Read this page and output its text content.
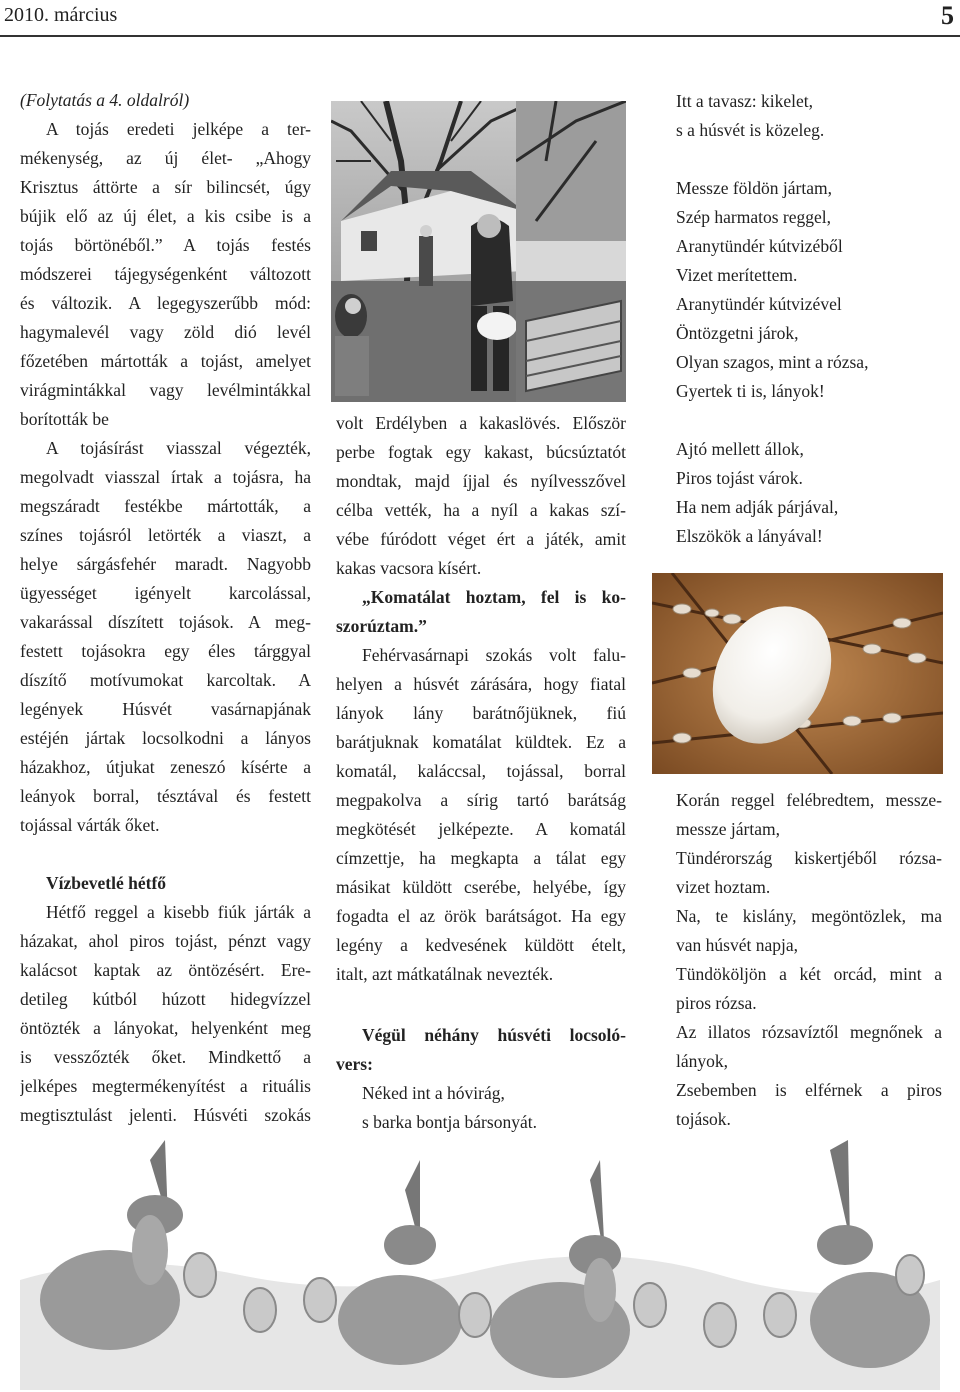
2010. március	5

(Folytatás a 4. oldalról)

A tojás eredeti jelképe a ter-

mékenység, az új élet- „Ahogy

Krisztus áttörte a sír bilincsét, úgy

bújik elő az új élet, a kis csibe is a

tojás börtönéből.” A tojás festés

módszerei tájegységenként változott

és változik. A legegyszerűbb mód:

hagymalevél vagy zöld dió levél

főzetében mártották a tojást, amelyet

virágmintákkal vagy levélmintákkal

borították be

A tojásírást viasszal végezték,

megolvadt viasszal írtak a tojásra, ha

megszáradt festékbe mártották, a

színes tojásról letörték a viaszt, a

helye sárgásfehér maradt. Nagyobb

ügyességet igényelt karcolással,

vakarással díszített tojások. A meg-

festett tojásokra egy éles tárggyal

díszítő motívumokat karcoltak. A

legények Húsvét vasárnapjának

estéjén jártak locsolkodni a lányos

házakhoz, útjukat zeneszó kísérte a

leányok borral, tésztával és festett

tojással várták őket.

Vízbevetlé hétfő

Hétfő reggel a kisebb fiúk járták a

házakat, ahol piros tojást, pénzt vagy

kalácsot kaptak az öntözésért. Ere-

detileg kútból húzott hidegvízzel

öntözték a lányokat, helyenként meg

is vesszőzték őket. Mindkettő a

jelképes megtermékenyítést a rituális

megtisztulást jelenti. Húsvéti szokás

volt Erdélyben a kakaslövés. Először

perbe fogtak egy kakast, búcsúztatót

mondtak, majd íjjal és nyílvesszővel

célba vették, ha a nyíl a kakas szí-

vébe fúródott véget ért a játék, amit

kakas vacsora kísért.

„Komatálat hoztam, fel is ko-

szorúztam.”

Fehérvasárnapi szokás volt falu-

helyen a húsvét zárására, hogy fiatal

lányok lány barátnőjüknek, fiú

barátjuknak komatálat küldtek. Ez a

komatál, kaláccsal, tojással, borral

megpakolva a sírig tartó barátság

megkötését jelképezte. A komatál

címzettje, ha megkapta a tálat egy

másikat küldött cserébe, helyébe, így

fogadta el az örök barátságot. Ha egy

legény a kedvesének küldött ételt,

italt, azt mátkatálnak nevezték.

Végül néhány húsvéti locsoló-

vers:

Néked int a hóvirág,

s barka bontja bársonyát.

Itt a tavasz: kikelet,

s a húsvét is közeleg.

Messze földön jártam,

Szép harmatos reggel,

Aranytündér kútvizéből

Vizet merítettem.

Aranytündér kútvizével

Öntözgetni járok,

Olyan szagos, mint a rózsa,

Gyertek ti is, lányok!

Ajtó mellett állok,

Piros tojást várok.

Ha nem adják párjával,

Elszökök a lányával!

Korán reggel felébredtem, messze-

messze jártam,

Tündérország kiskertjéből rózsa-

vizet hoztam.

Na, te kislány, megöntözlek, ma

van húsvét napja,

Tündököljön a két orcád, mint a

piros rózsa.

Az illatos rózsavíztől megnőnek a

lányok,

Zsebemben is elférnek a piros

tojások.
